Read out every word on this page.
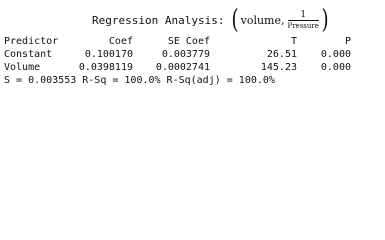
Regression Analysis: ( volume, $\frac{1}{\text{Pressure}}$ )
Predictor	Coef	SE Coef	T	P
Constant	0.100170	0.003779	26.51 0.000
Volume	0.0398119 0.0002741	145.23 0.000
S = 0.003553 R-Sq = 100.0% R-Sq(adj) = 100.0%
